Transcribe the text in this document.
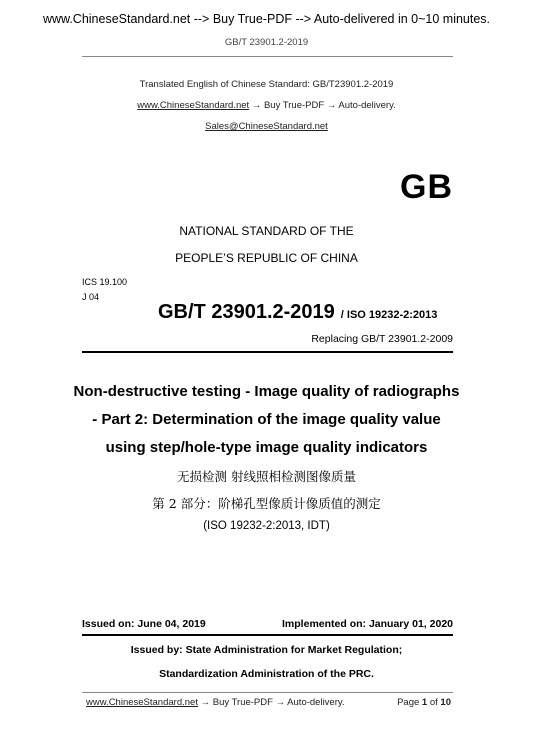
www.ChineseStandard.net --> Buy True-PDF --> Auto-delivered in 0~10 minutes.
GB/T 23901.2-2019
Translated English of Chinese Standard: GB/T23901.2-2019
www.ChineseStandard.net → Buy True-PDF → Auto-delivery.
Sales@ChineseStandard.net
GB
NATIONAL STANDARD OF THE
PEOPLE’S REPUBLIC OF CHINA
ICS 19.100
J 04
GB/T 23901.2-2019 / ISO 19232-2:2013
Replacing GB/T 23901.2-2009
Non-destructive testing - Image quality of radiographs
- Part 2: Determination of the image quality value
using step/hole-type image quality indicators
无损检测 射线照相检测图像质量
第 2 部分：阶梯孔型像质计像质值的测定
(ISO 19232-2:2013, IDT)
Issued on: June 04, 2019	Implemented on: January 01, 2020
Issued by: State Administration for Market Regulation;
Standardization Administration of the PRC.
www.ChineseStandard.net → Buy True-PDF → Auto-delivery.	Page 1 of 10
